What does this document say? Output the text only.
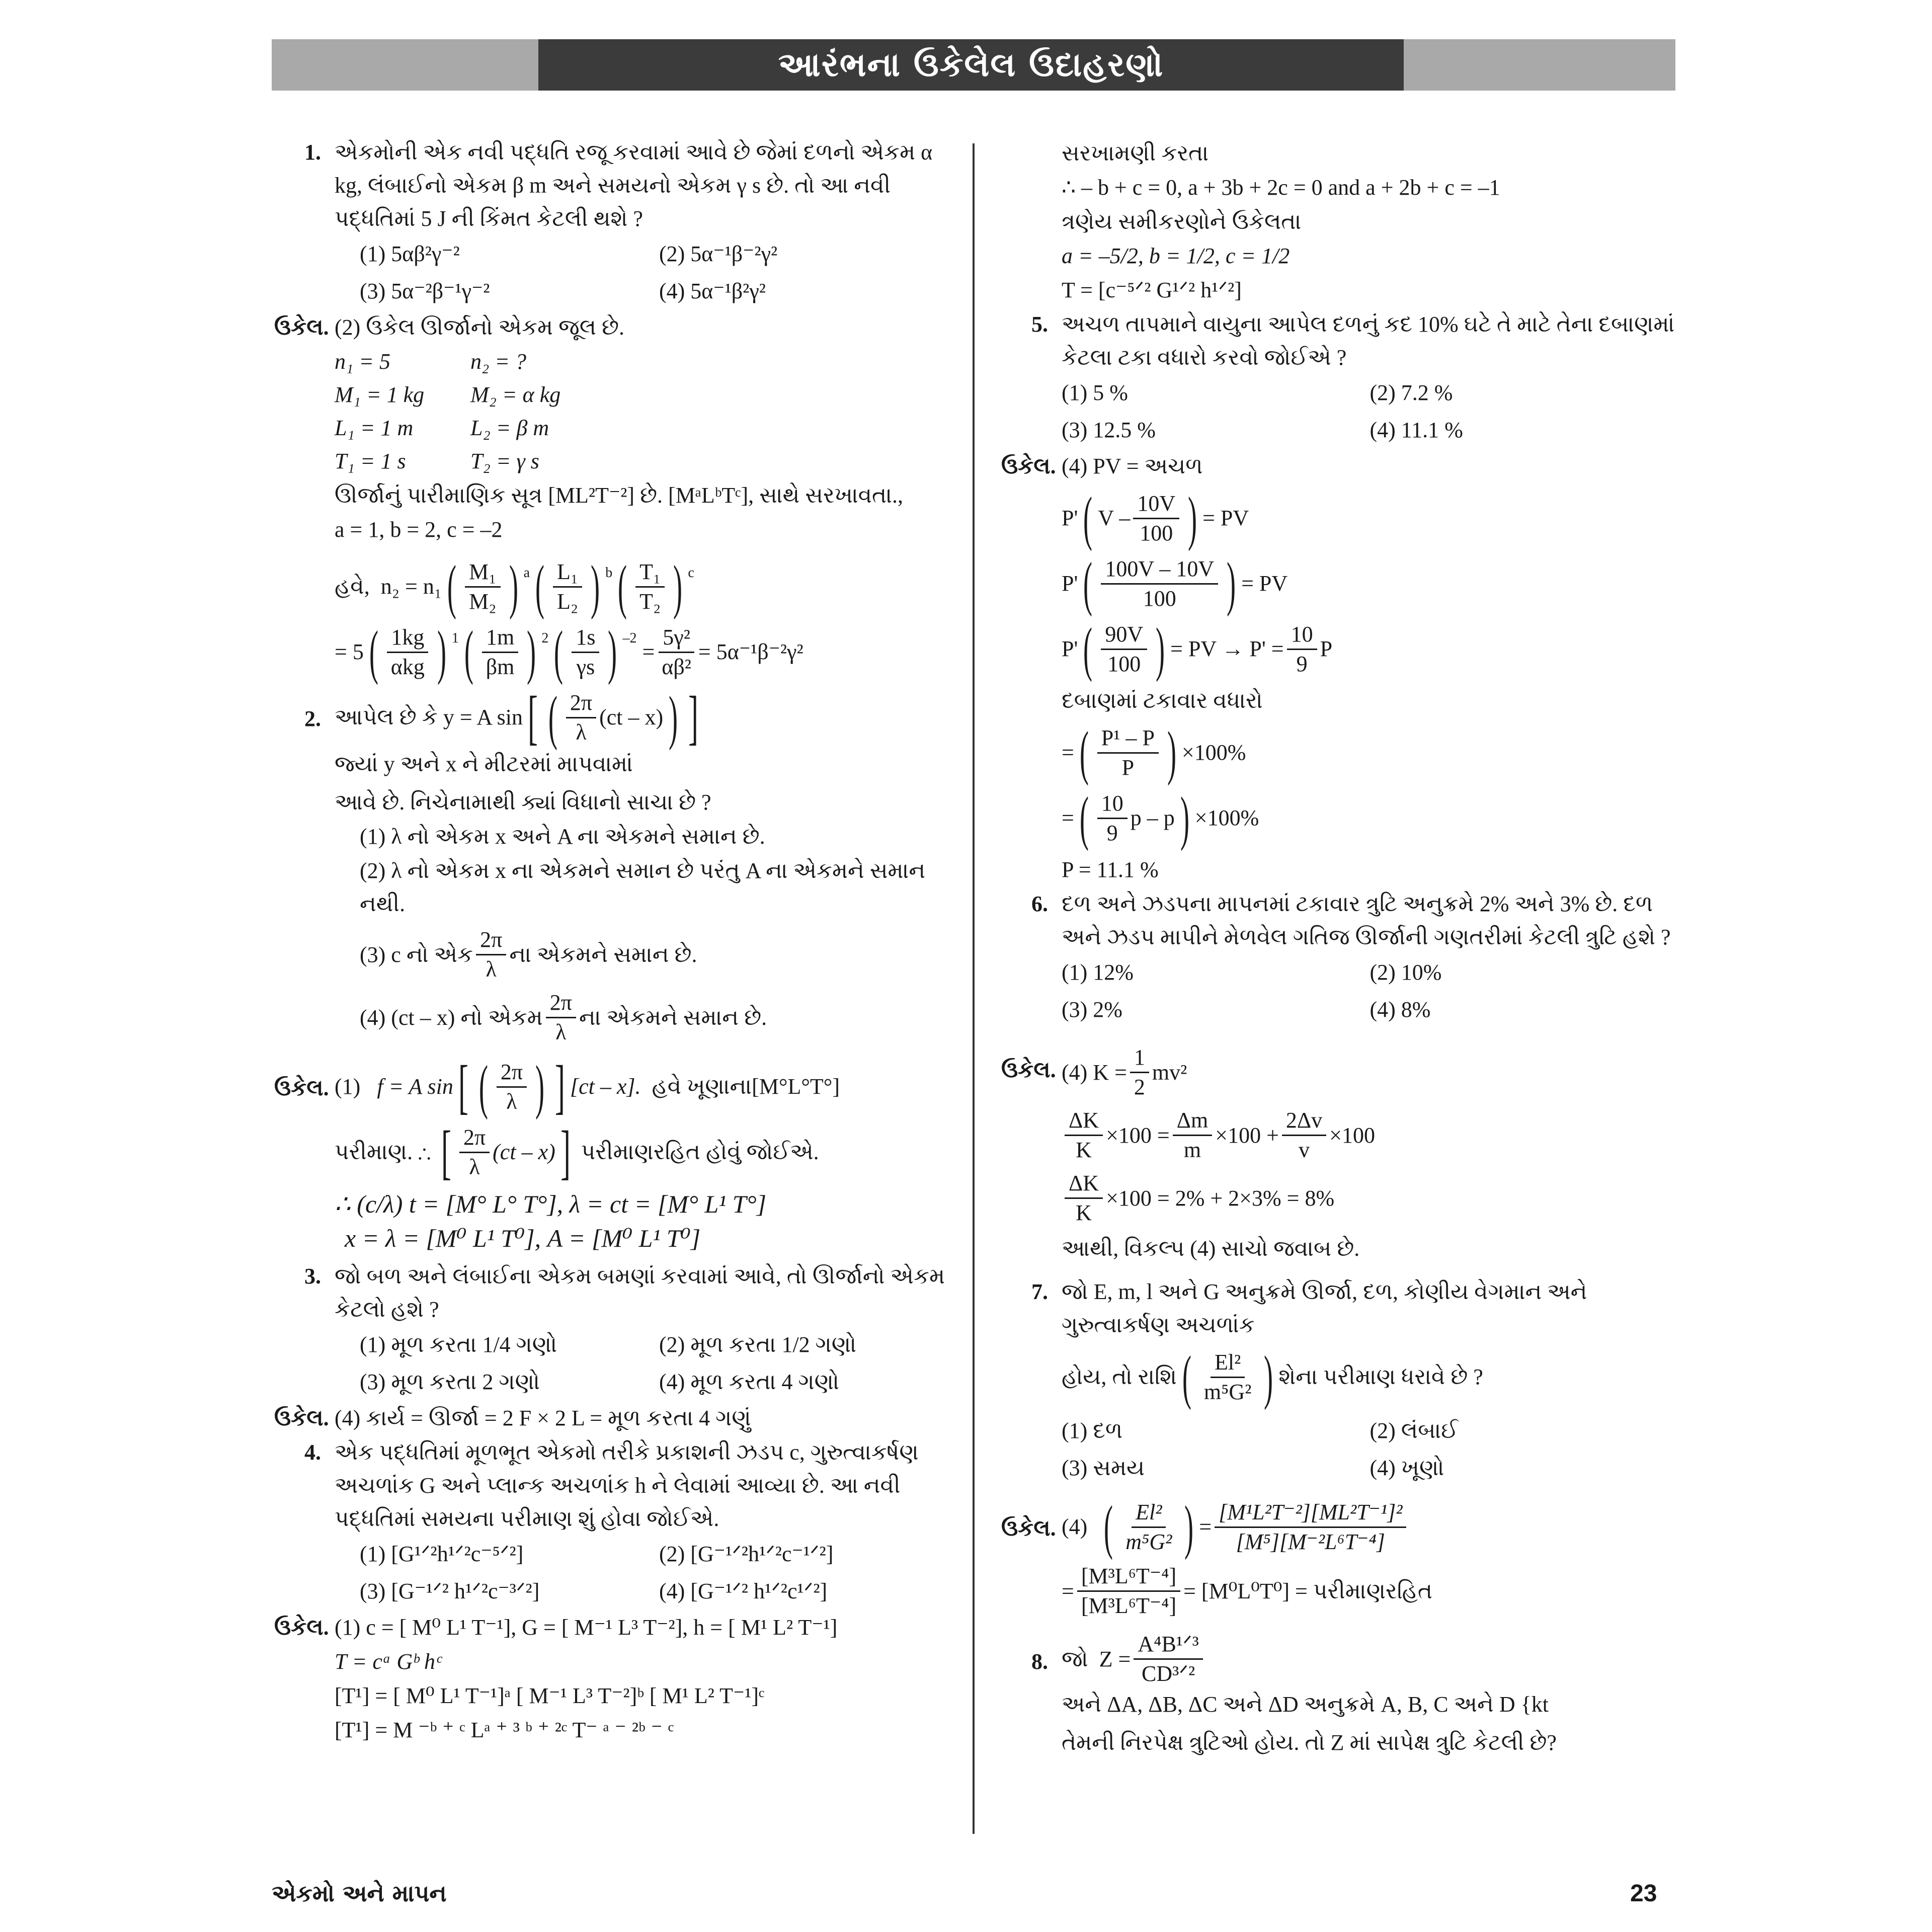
આરંભના ઉકેલેલ ઉદાહરણો
1. એકમોની એક નવી પદ્ધતિ રજૂ કરવામાં આવે છે જેમાં દળનો એકમ α kg, લંબાઈનો એકમ β m અને સમયનો એકમ γ s છે. તો આ નવી પદ્ધતિમાં 5 J ની કિંમત કેટલી થશે ?
(1) 5αβ²γ⁻²	(2) 5α⁻¹β⁻²γ²
(3) 5α⁻²β⁻¹γ⁻²	(4) 5α⁻¹β²γ²
ઉકેલ. (2) ઉકેલ ઊર્જાનો એકમ જૂલ છે.
n₁ = 5	n₂ = ?
M₁ = 1 kg	M₂ = α kg
L₁ = 1 m	L₂ = β m
T₁ = 1 s	T₂ = γ s
ઊર્જાનું પારીમાણિક સૂત્ર [ML²T⁻²] છે. [MᵃLᵇTᶜ], સાથે સરખાવતા.,
a = 1, b = 2, c = –2
હવે,
n₂ = n₁ ( $\frac{\text{M₁}}{\text{M₂}}$ ) $^a$ ( $\frac{\text{L₁}}{\text{L₂}}$ ) $^b$ ( $\frac{\text{T₁}}{\text{T₂}}$ ) $^c$
= 5 ( $\frac{1kg}{\text{αkg}}$ ) $^1$ ( $\frac{1m}{\beta m}$ ) $^2$ ( $\frac{1s}{\gamma s}$ ) $^{-2}$
= $\frac{\text{5γ²}}{\text{αβ²}} = 5\alpha^{-1}\beta^{-2}\gamma^2$
2. આપેલ છે કે y = A sin [ ( $\frac{2\pi}{\lambda} (ct - x)$ ) ]
જ્યાં y અને x ને મીટરમાં માપવામાં
આવે છે. નિચેનામાથી ક્યાં વિધાનો સાચા છે ?
(1) λ નો એકમ x અને A ના એકમને સમાન છે.
(2) λ નો એકમ x ના એકમને સમાન છે પરંતુ A ના એકમને સમાન નથી.
(3) c નો એક $\frac{2\pi}{\lambda}$ ના એકમને સમાન છે.
(4) (ct – x) નો એકમ $\frac{2\pi}{\lambda}$ ના એકમને સમાન છે.
ઉકેલ. (1)
f = A sin [ ( $\frac{2\pi}{\lambda}$ ) ] [ct – x].
હવે ખૂણાના[M°L°T°]
પરીમાણ. ∴
[ $\frac{2\pi}{\lambda} (ct - x)$ ]
પરીમાણરહિત હોવું જોઈએ.
∴ (c/λ) t = [M° L° T°], λ = ct = [M° L¹ T°]
x = λ = [M⁰ L¹ T⁰], A = [M⁰ L¹ T⁰]
3. જો બળ અને લંબાઈના એકમ બમણાં કરવામાં આવે, તો ઊર્જાનો એકમ કેટલો હશે ?
(1) મૂળ કરતા 1/4 ગણો	(2) મૂળ કરતા 1/2 ગણો
(3) મૂળ કરતા 2 ગણો	(4) મૂળ કરતા 4 ગણો
ઉકેલ. (4) કાર્ય = ઊર્જા = 2 F × 2 L = મૂળ કરતા 4 ગણું
4. એક પદ્ધતિમાં મૂળભૂત એકમો તરીકે પ્રકાશની ઝડપ c, ગુરુત્વાકર્ષણ અચળાંક G અને પ્લાન્ક અચળાંક h ને લેવામાં આવ્યા છે. આ નવી પદ્ધતિમાં સમયના પરીમાણ શું હોવા જોઈએ.
(1) [G¹ᐟ²h¹ᐟ²c⁻⁵ᐟ²]	(2) [G⁻¹ᐟ²h¹ᐟ²c⁻¹ᐟ²]
(3) [G⁻¹ᐟ² h¹ᐟ²c⁻³ᐟ²]	(4) [G⁻¹ᐟ² h¹ᐟ²c¹ᐟ²]
ઉકેલ. (1) c = [ M⁰ L¹ T⁻¹], G = [ M⁻¹ L³ T⁻²], h = [ M¹ L² T⁻¹]
T = cᵃ Gᵇ hᶜ
[T¹] = [ M⁰ L¹ T⁻¹]ᵃ [ M⁻¹ L³ T⁻²]ᵇ [ M¹ L² T⁻¹]ᶜ
[T¹] = M ⁻ᵇ ⁺ ᶜ Lᵃ ⁺ ³ ᵇ ⁺ ²ᶜ T⁻ ᵃ ⁻ ²ᵇ ⁻ ᶜ
સરખામણી કરતા
∴ – b + c = 0, a + 3b + 2c = 0 and a + 2b + c = –1
ત્રણેય સમીકરણોને ઉકેલતા
a = –5/2, b = 1/2, c = 1/2
T = [c⁻⁵ᐟ² G¹ᐟ² h¹ᐟ²]
5. અચળ તાપમાને વાયુના આપેલ દળનું કદ 10% ઘટે તે માટે તેના દબાણમાં કેટલા ટકા વધારો કરવો જોઈએ ?
(1) 5 %	(2) 7.2 %
(3) 12.5 %	(4) 11.1 %
ઉકેલ. (4) PV = અચળ
P' ( V – $\frac{10V}{100}$ ) = PV
P' ( $\frac{100V - 10V}{100}$ ) = PV
P' ( $\frac{90V}{100}$ ) = PV → $P' = \frac{10}{9}$ P
દબાણમાં ટકાવાર વધારો
= ( $\frac{\text{P¹ – P}}{P}$ ) ×100%
= ( $\frac{10}{9}$ p – p ) ×100%
P = 11.1 %
6. દળ અને ઝડપના માપનમાં ટકાવાર ત્રુટિ અનુક્રમે 2% અને 3% છે. દળ અને ઝડપ માપીને મેળવેલ ગતિજ ઊર્જાની ગણતરીમાં કેટલી ત્રુટિ હશે ?
(1) 12%	(2) 10%
(3) 2%	(4) 8%
ઉકેલ. (4) $K = \frac{1}{2} mv^2$
$\frac{\Delta K}{K} \times 100 = \frac{\Delta m}{m} \times 100 + \frac{2\Delta v}{v} \times 100$
$\frac{\Delta K}{K} \times 100 = 2\% + 2\times 3\% = 8\%$
આથી, વિકલ્પ (4) સાચો જવાબ છે.
7. જો E, m, l અને G અનુક્રમે ઊર્જા, દળ, કોણીય વેગમાન અને ગુરુત્વાકર્ષણ અચળાંક
હોય, તો રાશિ ( $\frac{\text{El²}}{\text{m⁵G²}}$ ) શેના પરીમાણ ધરાવે છે ?
(1) દળ	(2) લંબાઈ
(3) સમય	(4) ખૂણો
ઉકેલ. (4)
( $\frac{\text{El²}}{\text{m⁵G²}}$ ) = $\frac{\text{[M¹L²T⁻²][ML²T⁻¹]²}}{\text{[M⁵][M⁻²L⁶T⁻⁴]}}$
= $\frac{\text{[M³L⁶T⁻⁴]}}{\text{[M³L⁶T⁻⁴]}} = [M^0L^0T^0]$ = પરીમાણરહિત
8. જો
$Z = \frac{\text{A⁴B¹ᐟ³}}{\text{CD³ᐟ²}}$
અને ΔA, ΔB, ΔC અને ΔD અનુક્રમે A, B, C અને D {kt
તેમની નિરપેક્ષ ત્રુટિઓ હોય. તો Z માં સાપેક્ષ ત્રુટિ કેટલી છે?
એકમો અને માપન	23
